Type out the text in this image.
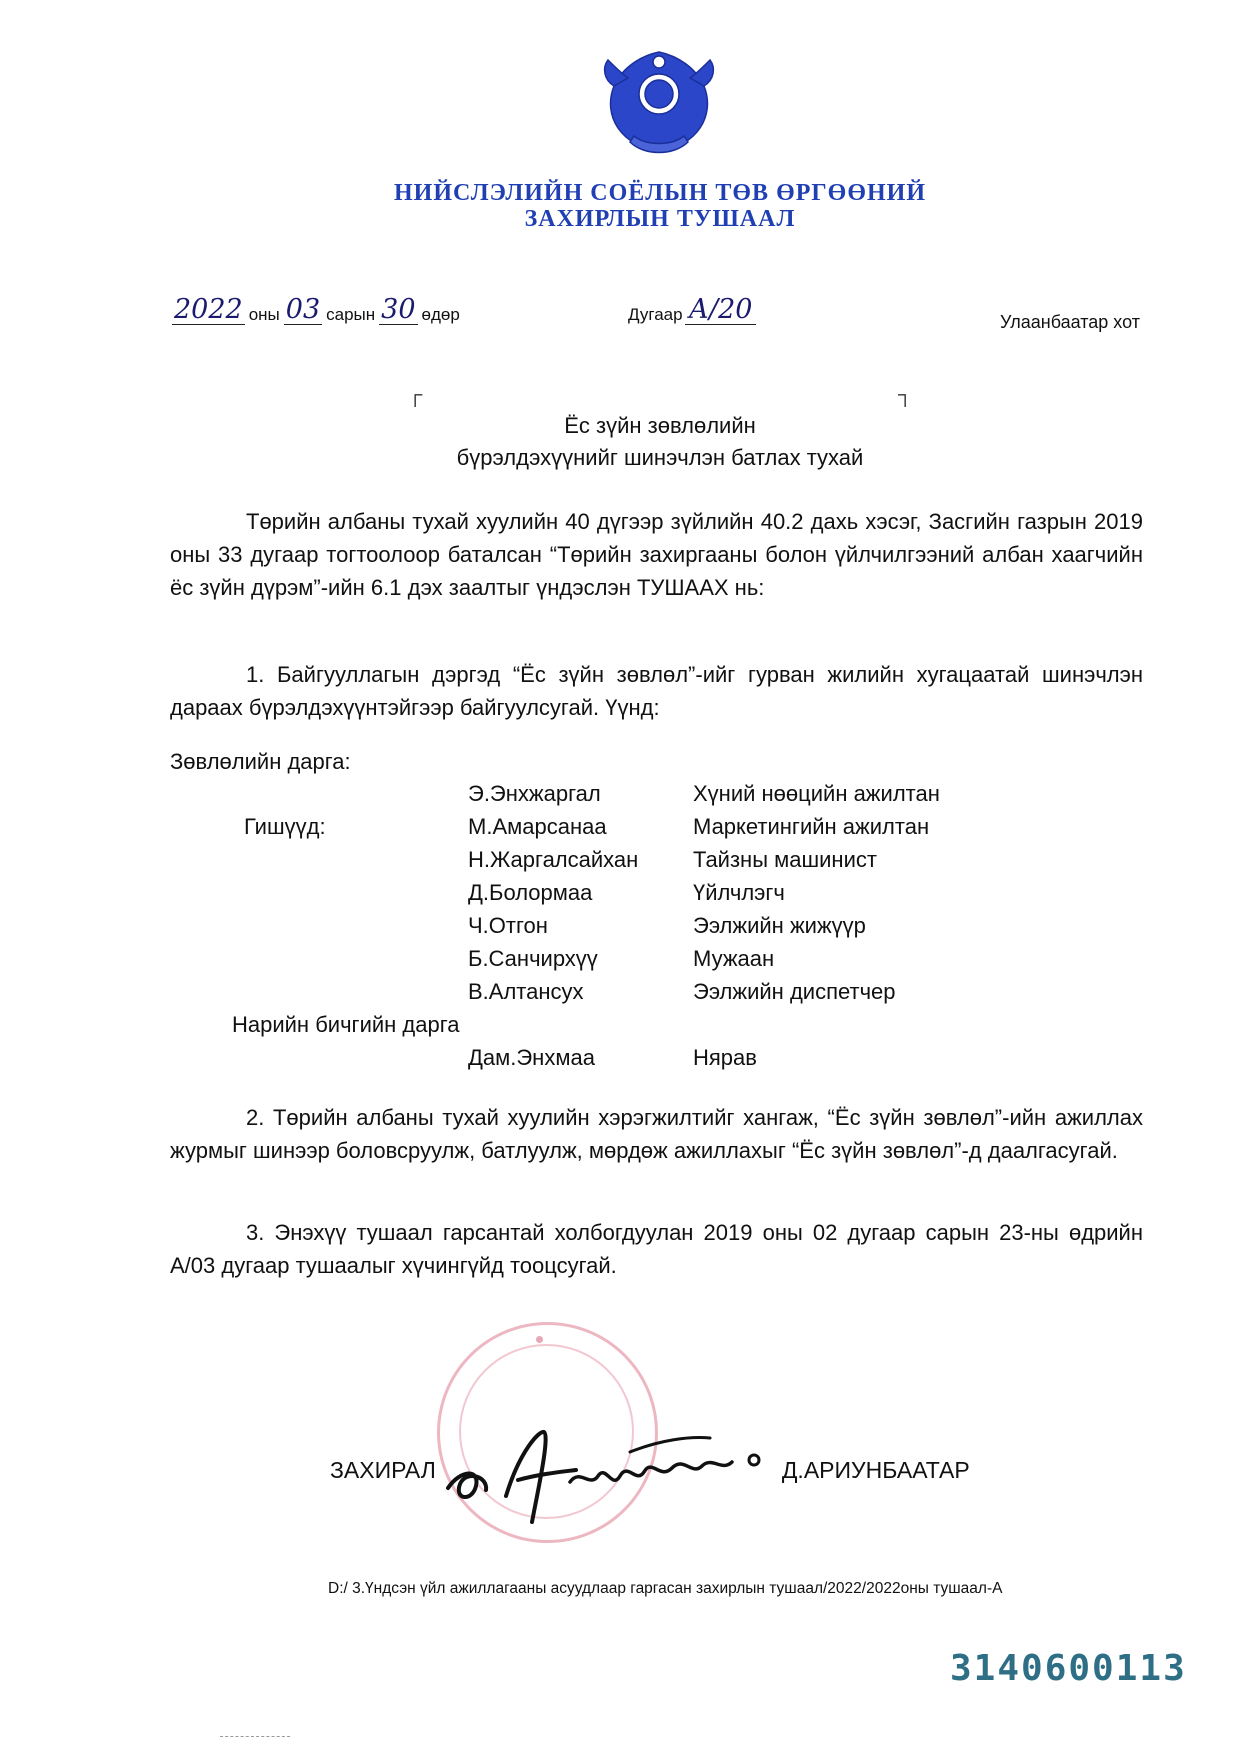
НИЙСЛЭЛИЙН СОЁЛЫН ТӨВ ӨРГӨӨНИЙ
ЗАХИРЛЫН ТУШААЛ
2022 оны 03 сарын 30 өдөр	Дугаар А/20	Улаанбаатар хот
┌	┐
Ёс зүйн зөвлөлийн
бүрэлдэхүүнийг шинэчлэн батлах тухай
Төрийн албаны тухай хуулийн 40 дүгээр зүйлийн 40.2 дахь хэсэг, Засгийн газрын 2019 оны 33 дугаар тогтоолоор баталсан “Төрийн захиргааны болон үйлчилгээний албан хаагчийн ёс зүйн дүрэм”-ийн 6.1 дэх заалтыг үндэслэн ТУШААХ нь:
1. Байгууллагын дэргэд “Ёс зүйн зөвлөл”-ийг гурван жилийн хугацаатай шинэчлэн дараах бүрэлдэхүүнтэйгээр байгуулсугай. Үүнд:
Зөвлөлийн дарга:
Э.Энхжаргал	Хүний нөөцийн ажилтан
Гишүүд:	М.Амарсанаа	Маркетингийн ажилтан
Н.Жаргалсайхан Тайзны машинист
Д.Болормаа	Үйлчлэгч
Ч.Отгон	Ээлжийн жижүүр
Б.Санчирхүү	Мужаан
В.Алтансух	Ээлжийн диспетчер
Нарийн бичгийн дарга
Дам.Энхмаа	Нярав
2. Төрийн албаны тухай хуулийн хэрэгжилтийг хангаж, “Ёс зүйн зөвлөл”-ийн ажиллах журмыг шинээр боловсруулж, батлуулж, мөрдөж ажиллахыг “Ёс зүйн зөвлөл”-д даалгасугай.
3. Энэхүү тушаал гарсантай холбогдуулан 2019 оны 02 дугаар сарын 23-ны өдрийн А/03 дугаар тушаалыг хүчингүйд тооцсугай.
ЗАХИРАЛ	Д.АРИУНБААТАР
D:/ 3.Үндсэн үйл ажиллагааны асуудлаар гаргасан захирлын тушаал/2022/2022оны тушаал-А
3140600113
